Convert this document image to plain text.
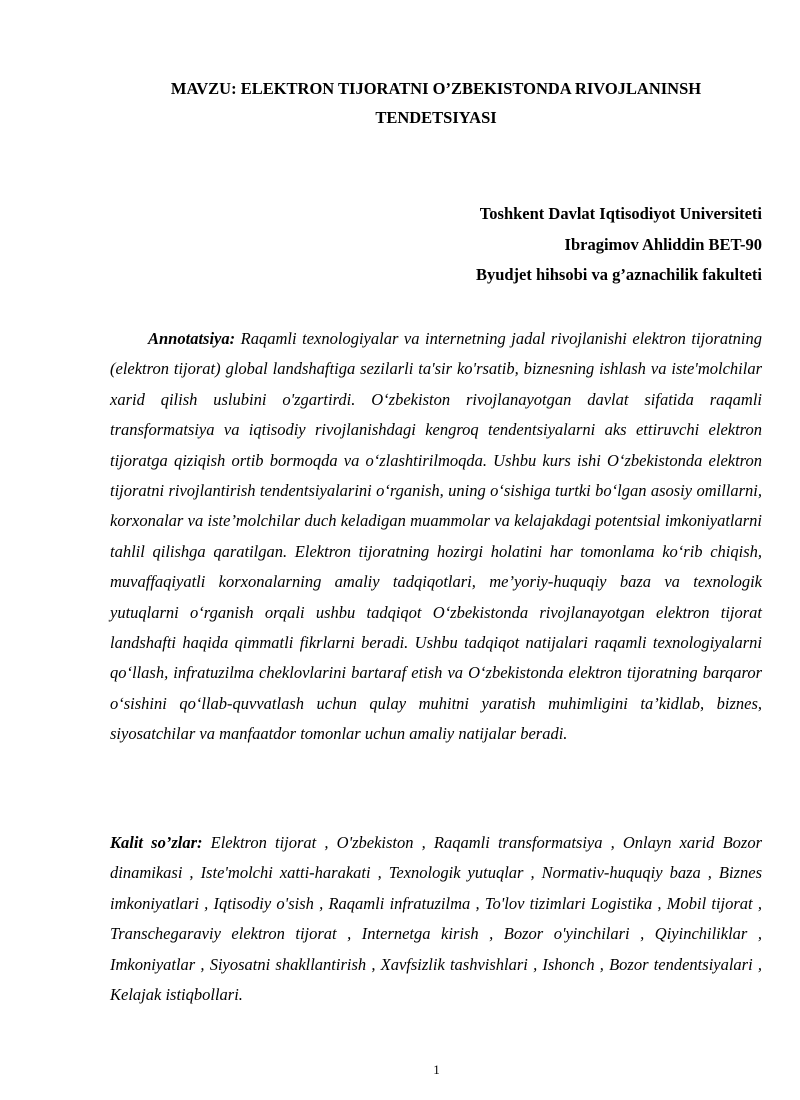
MAVZU: ELEKTRON TIJORATNI O’ZBEKISTONDA RIVOJLANINSH
TENDETSIYASI
Toshkent Davlat Iqtisodiyot Universiteti
Ibragimov Ahliddin BET-90
Byudjet hihsobi va g’aznachilik fakulteti

Annotatsiya: Raqamli texnologiyalar va internetning jadal rivojlanishi elektron tijoratning (elektron tijorat) global landshaftiga sezilarli ta'sir ko'rsatib, biznesning ishlash va iste'molchilar xarid qilish uslubini o'zgartirdi. O‘zbekiston rivojlanayotgan davlat sifatida raqamli transformatsiya va iqtisodiy rivojlanishdagi kengroq tendentsiyalarni aks ettiruvchi elektron tijoratga qiziqish ortib bormoqda va o‘zlashtirilmoqda. Ushbu kurs ishi O‘zbekistonda elektron tijoratni rivojlantirish tendentsiyalarini o‘rganish, uning o‘sishiga turtki bo‘lgan asosiy omillarni, korxonalar va iste’molchilar duch keladigan muammolar va kelajakdagi potentsial imkoniyatlarni tahlil qilishga qaratilgan. Elektron tijoratning hozirgi holatini har tomonlama ko‘rib chiqish, muvaffaqiyatli korxonalarning amaliy tadqiqotlari, me’yoriy-huquqiy baza va texnologik yutuqlarni o‘rganish orqali ushbu tadqiqot O‘zbekistonda rivojlanayotgan elektron tijorat landshafti haqida qimmatli fikrlarni beradi. Ushbu tadqiqot natijalari raqamli texnologiyalarni qo‘llash, infratuzilma cheklovlarini bartaraf etish va O‘zbekistonda elektron tijoratning barqaror o‘sishini qo‘llab-quvvatlash uchun qulay muhitni yaratish muhimligini ta’kidlab, biznes, siyosatchilar va manfaatdor tomonlar uchun amaliy natijalar beradi.

Kalit so’zlar: Elektron tijorat , O'zbekiston , Raqamli transformatsiya , Onlayn xarid Bozor dinamikasi , Iste'molchi xatti-harakati , Texnologik yutuqlar , Normativ-huquqiy baza , Biznes imkoniyatlari , Iqtisodiy o'sish , Raqamli infratuzilma , To'lov tizimlari Logistika , Mobil tijorat , Transchegaraviy elektron tijorat , Internetga kirish , Bozor o'yinchilari , Qiyinchiliklar , Imkoniyatlar , Siyosatni shakllantirish , Xavfsizlik tashvishlari , Ishonch , Bozor tendentsiyalari , Kelajak istiqbollari.

1
